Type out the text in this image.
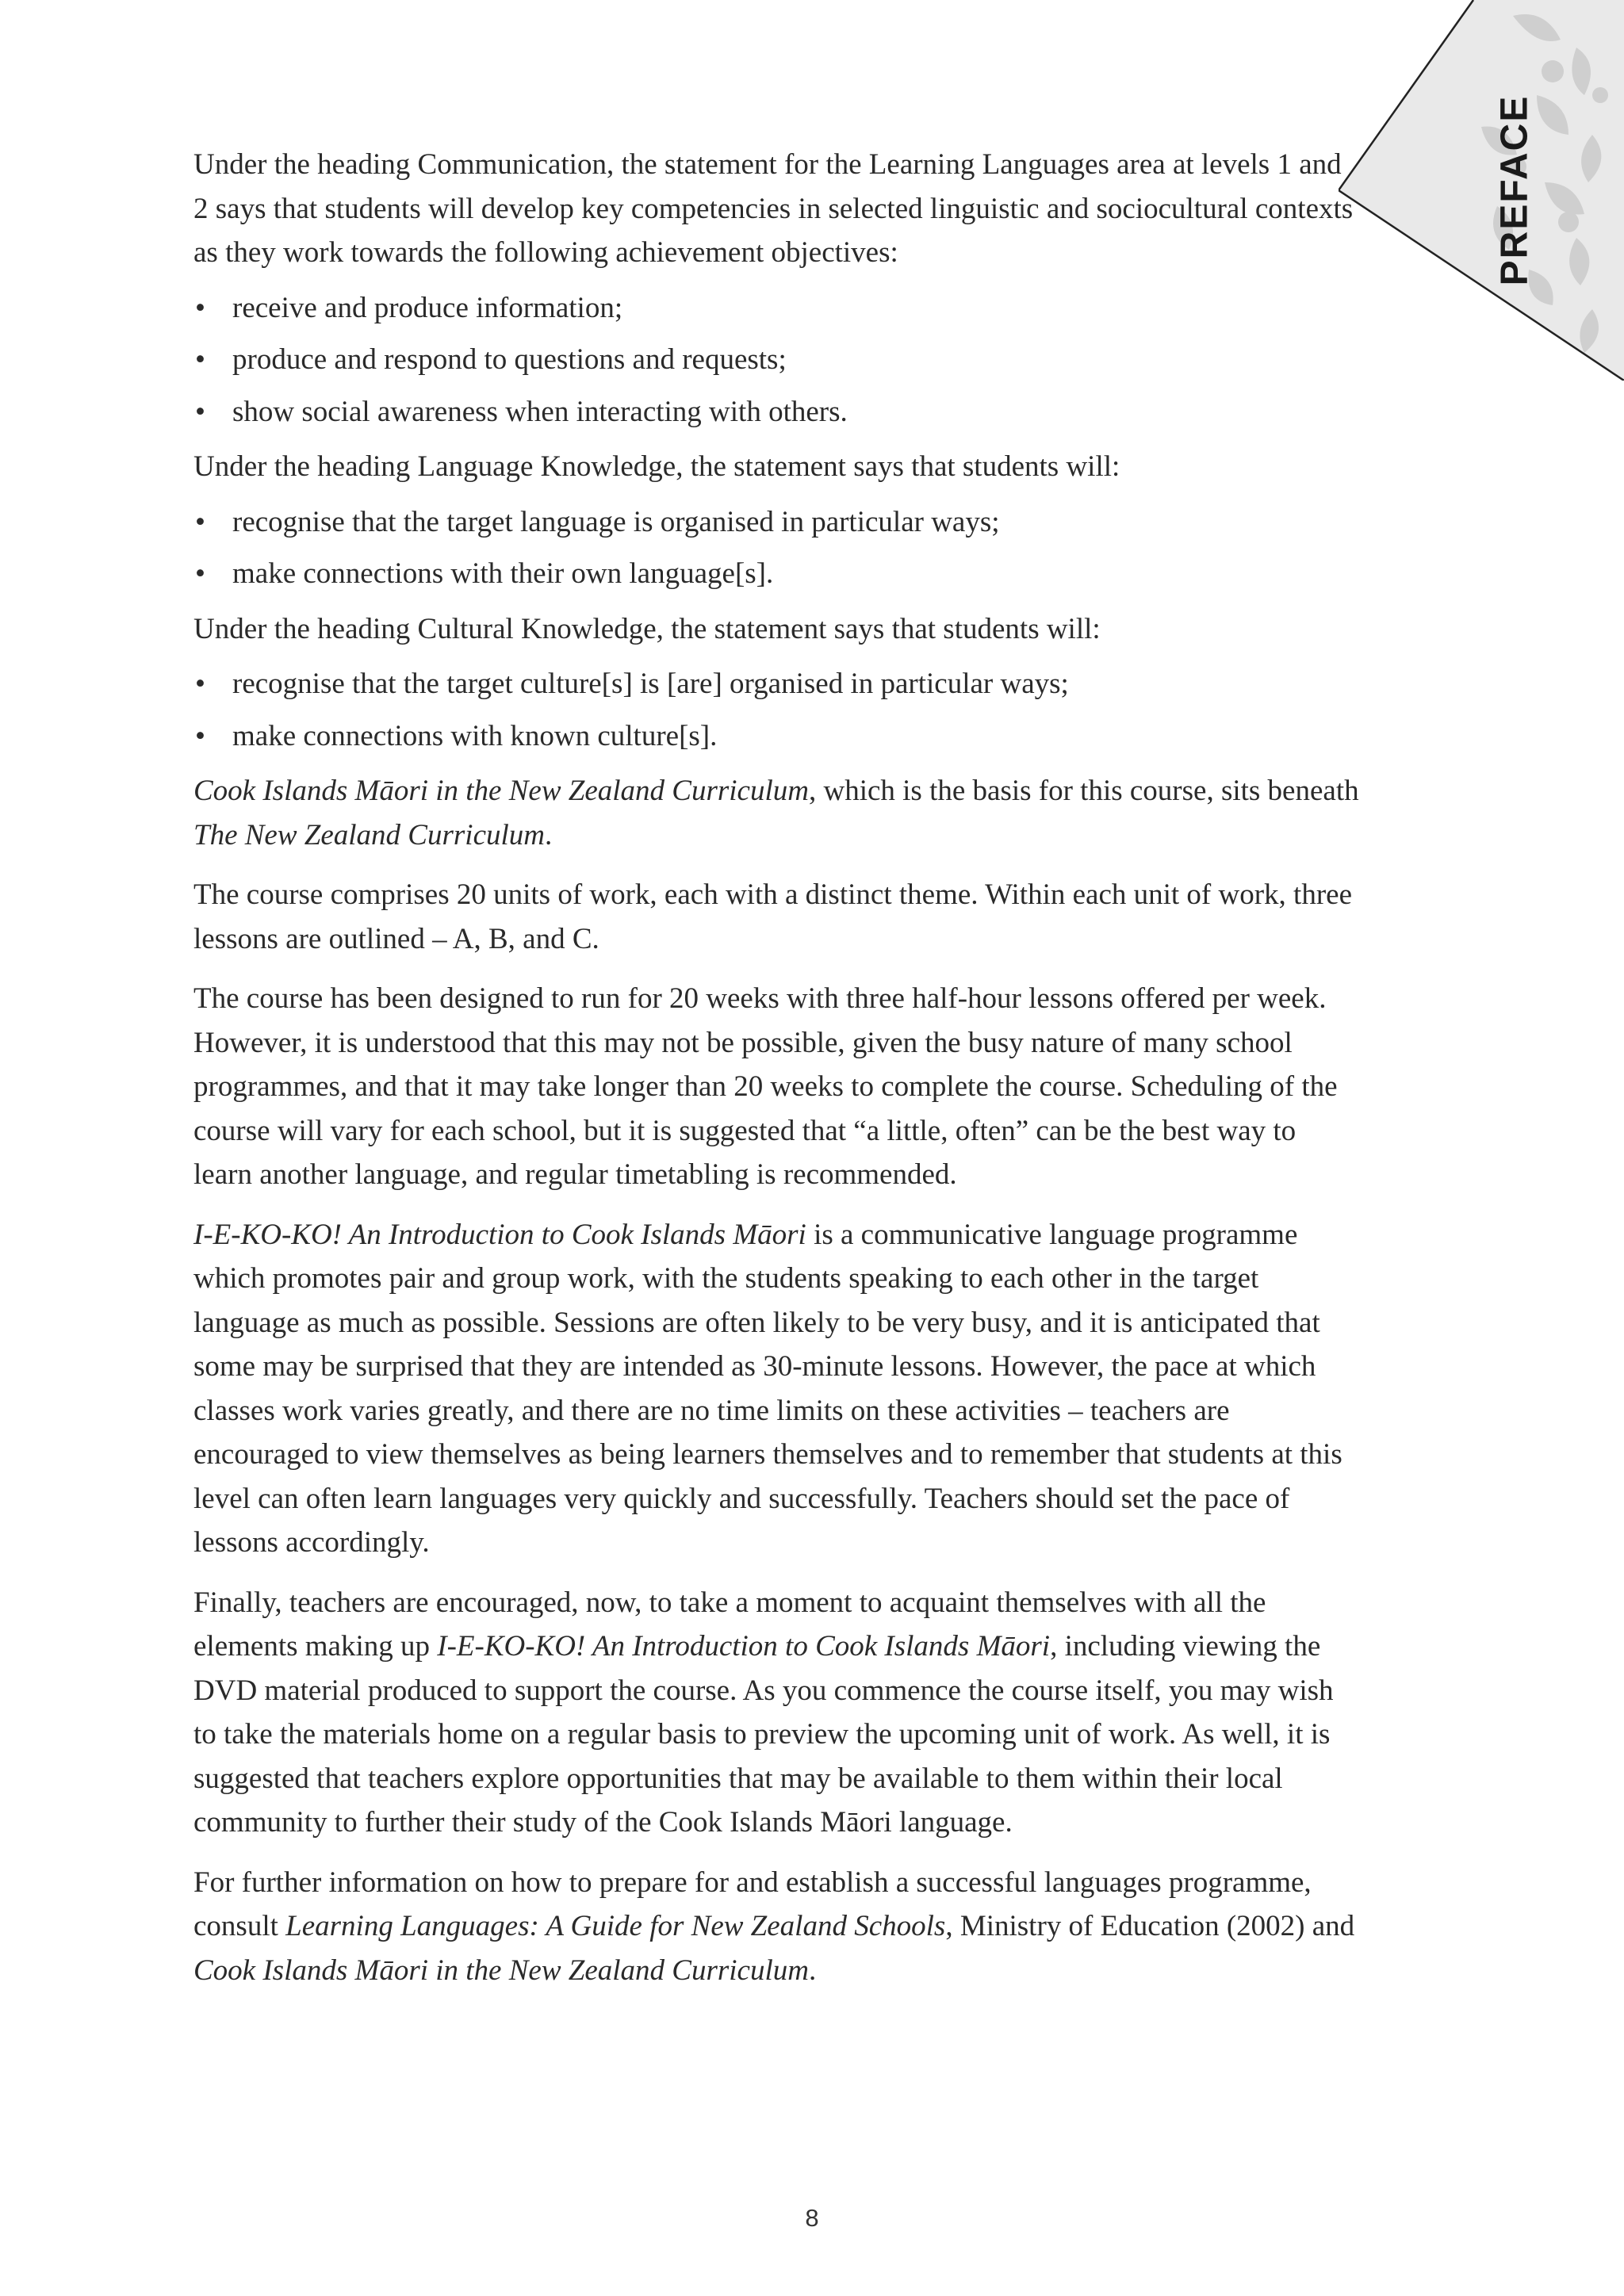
PREFACE

Under the heading Communication, the statement for the Learning Languages area at levels 1 and 2 says that students will develop key competencies in selected linguistic and sociocultural contexts as they work towards the following achievement objectives:

• receive and produce information;
• produce and respond to questions and requests;
• show social awareness when interacting with others.

Under the heading Language Knowledge, the statement says that students will:

• recognise that the target language is organised in particular ways;
• make connections with their own language[s].

Under the heading Cultural Knowledge, the statement says that students will:

• recognise that the target culture[s] is [are] organised in particular ways;
• make connections with known culture[s].

Cook Islands Māori in the New Zealand Curriculum, which is the basis for this course, sits beneath The New Zealand Curriculum.

The course comprises 20 units of work, each with a distinct theme. Within each unit of work, three lessons are outlined – A, B, and C.

The course has been designed to run for 20 weeks with three half-hour lessons offered per week. However, it is understood that this may not be possible, given the busy nature of many school programmes, and that it may take longer than 20 weeks to complete the course. Scheduling of the course will vary for each school, but it is suggested that “a little, often” can be the best way to learn another language, and regular timetabling is recommended.

I-E-KO-KO! An Introduction to Cook Islands Māori is a communicative language programme which promotes pair and group work, with the students speaking to each other in the target language as much as possible. Sessions are often likely to be very busy, and it is anticipated that some may be surprised that they are intended as 30-minute lessons. However, the pace at which classes work varies greatly, and there are no time limits on these activities – teachers are encouraged to view themselves as being learners themselves and to remember that students at this level can often learn languages very quickly and successfully. Teachers should set the pace of lessons accordingly.

Finally, teachers are encouraged, now, to take a moment to acquaint themselves with all the elements making up I-E-KO-KO! An Introduction to Cook Islands Māori, including viewing the DVD material produced to support the course. As you commence the course itself, you may wish to take the materials home on a regular basis to preview the upcoming unit of work. As well, it is suggested that teachers explore opportunities that may be available to them within their local community to further their study of the Cook Islands Māori language.

For further information on how to prepare for and establish a successful languages programme, consult Learning Languages: A Guide for New Zealand Schools, Ministry of Education (2002) and Cook Islands Māori in the New Zealand Curriculum.

8
